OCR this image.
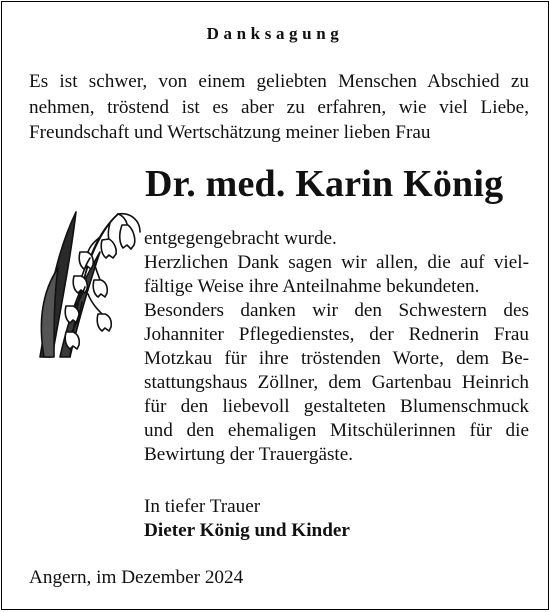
Danksagung
Es ist schwer, von einem geliebten Menschen Abschied zu
nehmen, tröstend ist es aber zu erfahren, wie viel Liebe,
Freundschaft und Wertschätzung meiner lieben Frau
Dr. med. Karin König
entgegengebracht wurde.
Herzlichen Dank sagen wir allen, die auf viel-
fältige Weise ihre Anteilnahme bekundeten.
Besonders danken wir den Schwestern des
Johanniter Pflegedienstes, der Rednerin Frau
Motzkau für ihre tröstenden Worte, dem Be-
stattungshaus Zöllner, dem Gartenbau Heinrich
für den liebevoll gestalteten Blumenschmuck
und den ehemaligen Mitschülerinnen für die
Bewirtung der Trauergäste.
In tiefer Trauer
Dieter König und Kinder
Angern, im Dezember 2024
